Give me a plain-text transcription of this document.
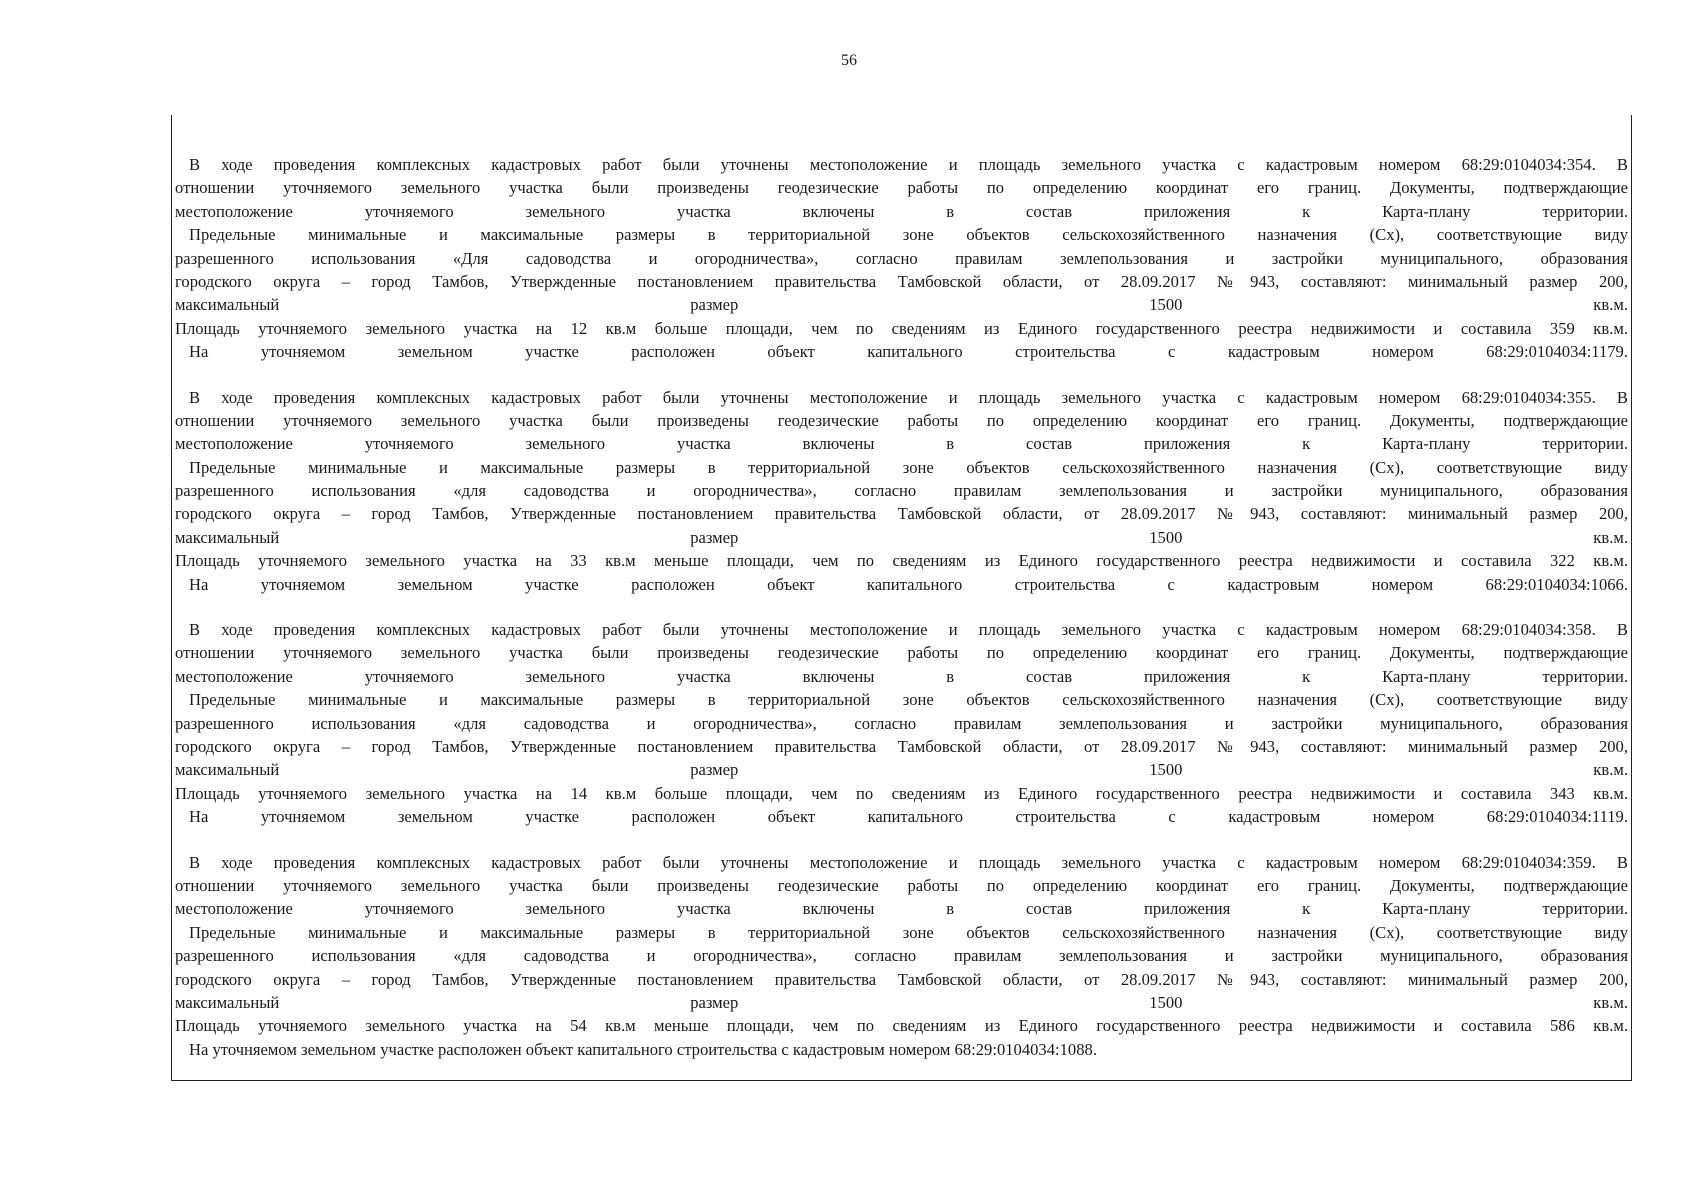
56
В ходе проведения комплексных кадастровых работ были уточнены местоположение и площадь земельного участка с кадастровым номером 68:29:0104034:354. В
отношении уточняемого земельного участка были произведены геодезические работы по определению координат его границ. Документы, подтверждающие
местоположение уточняемого земельного участка включены в состав приложения к Карта-плану территории.
Предельные минимальные и максимальные размеры в территориальной зоне объектов сельскохозяйственного назначения (Сх), соответствующие виду
разрешенного использования «Для садоводства и огородничества», согласно правилам землепользования и застройки муниципального, образования
городского округа – город Тамбов, Утвержденные постановлением правительства Тамбовской области, от 28.09.2017 №943, составляют: минимальный размер 200,
максимальный размер 1500 кв.м.
Площадь уточняемого земельного участка на 12 кв.м больше площади, чем по сведениям из Единого государственного реестра недвижимости и составила 359 кв.м.
На уточняемом земельном участке расположен объект капитального строительства с кадастровым номером 68:29:0104034:1179.
В ходе проведения комплексных кадастровых работ были уточнены местоположение и площадь земельного участка с кадастровым номером 68:29:0104034:355. В
отношении уточняемого земельного участка были произведены геодезические работы по определению координат его границ. Документы, подтверждающие
местоположение уточняемого земельного участка включены в состав приложения к Карта-плану территории.
Предельные минимальные и максимальные размеры в территориальной зоне объектов сельскохозяйственного назначения (Сх), соответствующие виду
разрешенного использования «для садоводства и огородничества», согласно правилам землепользования и застройки муниципального, образования
городского округа – город Тамбов, Утвержденные постановлением правительства Тамбовской области, от 28.09.2017 №943, составляют: минимальный размер 200,
максимальный размер 1500 кв.м.
Площадь уточняемого земельного участка на 33 кв.м меньше площади, чем по сведениям из Единого государственного реестра недвижимости и составила 322 кв.м.
На уточняемом земельном участке расположен объект капитального строительства с кадастровым номером 68:29:0104034:1066.
В ходе проведения комплексных кадастровых работ были уточнены местоположение и площадь земельного участка с кадастровым номером 68:29:0104034:358. В
отношении уточняемого земельного участка были произведены геодезические работы по определению координат его границ. Документы, подтверждающие
местоположение уточняемого земельного участка включены в состав приложения к Карта-плану территории.
Предельные минимальные и максимальные размеры в территориальной зоне объектов сельскохозяйственного назначения (Сх), соответствующие виду
разрешенного использования «для садоводства и огородничества», согласно правилам землепользования и застройки муниципального, образования
городского округа – город Тамбов, Утвержденные постановлением правительства Тамбовской области, от 28.09.2017 №943, составляют: минимальный размер 200,
максимальный размер 1500 кв.м.
Площадь уточняемого земельного участка на 14 кв.м больше площади, чем по сведениям из Единого государственного реестра недвижимости и составила 343 кв.м.
На уточняемом земельном участке расположен объект капитального строительства с кадастровым номером 68:29:0104034:1119.
В ходе проведения комплексных кадастровых работ были уточнены местоположение и площадь земельного участка с кадастровым номером 68:29:0104034:359. В
отношении уточняемого земельного участка были произведены геодезические работы по определению координат его границ. Документы, подтверждающие
местоположение уточняемого земельного участка включены в состав приложения к Карта-плану территории.
Предельные минимальные и максимальные размеры в территориальной зоне объектов сельскохозяйственного назначения (Сх), соответствующие виду
разрешенного использования «для садоводства и огородничества», согласно правилам землепользования и застройки муниципального, образования
городского округа – город Тамбов, Утвержденные постановлением правительства Тамбовской области, от 28.09.2017 №943, составляют: минимальный размер 200,
максимальный размер 1500 кв.м.
Площадь уточняемого земельного участка на 54 кв.м меньше площади, чем по сведениям из Единого государственного реестра недвижимости и составила 586 кв.м.
На уточняемом земельном участке расположен объект капитального строительства с кадастровым номером 68:29:0104034:1088.
